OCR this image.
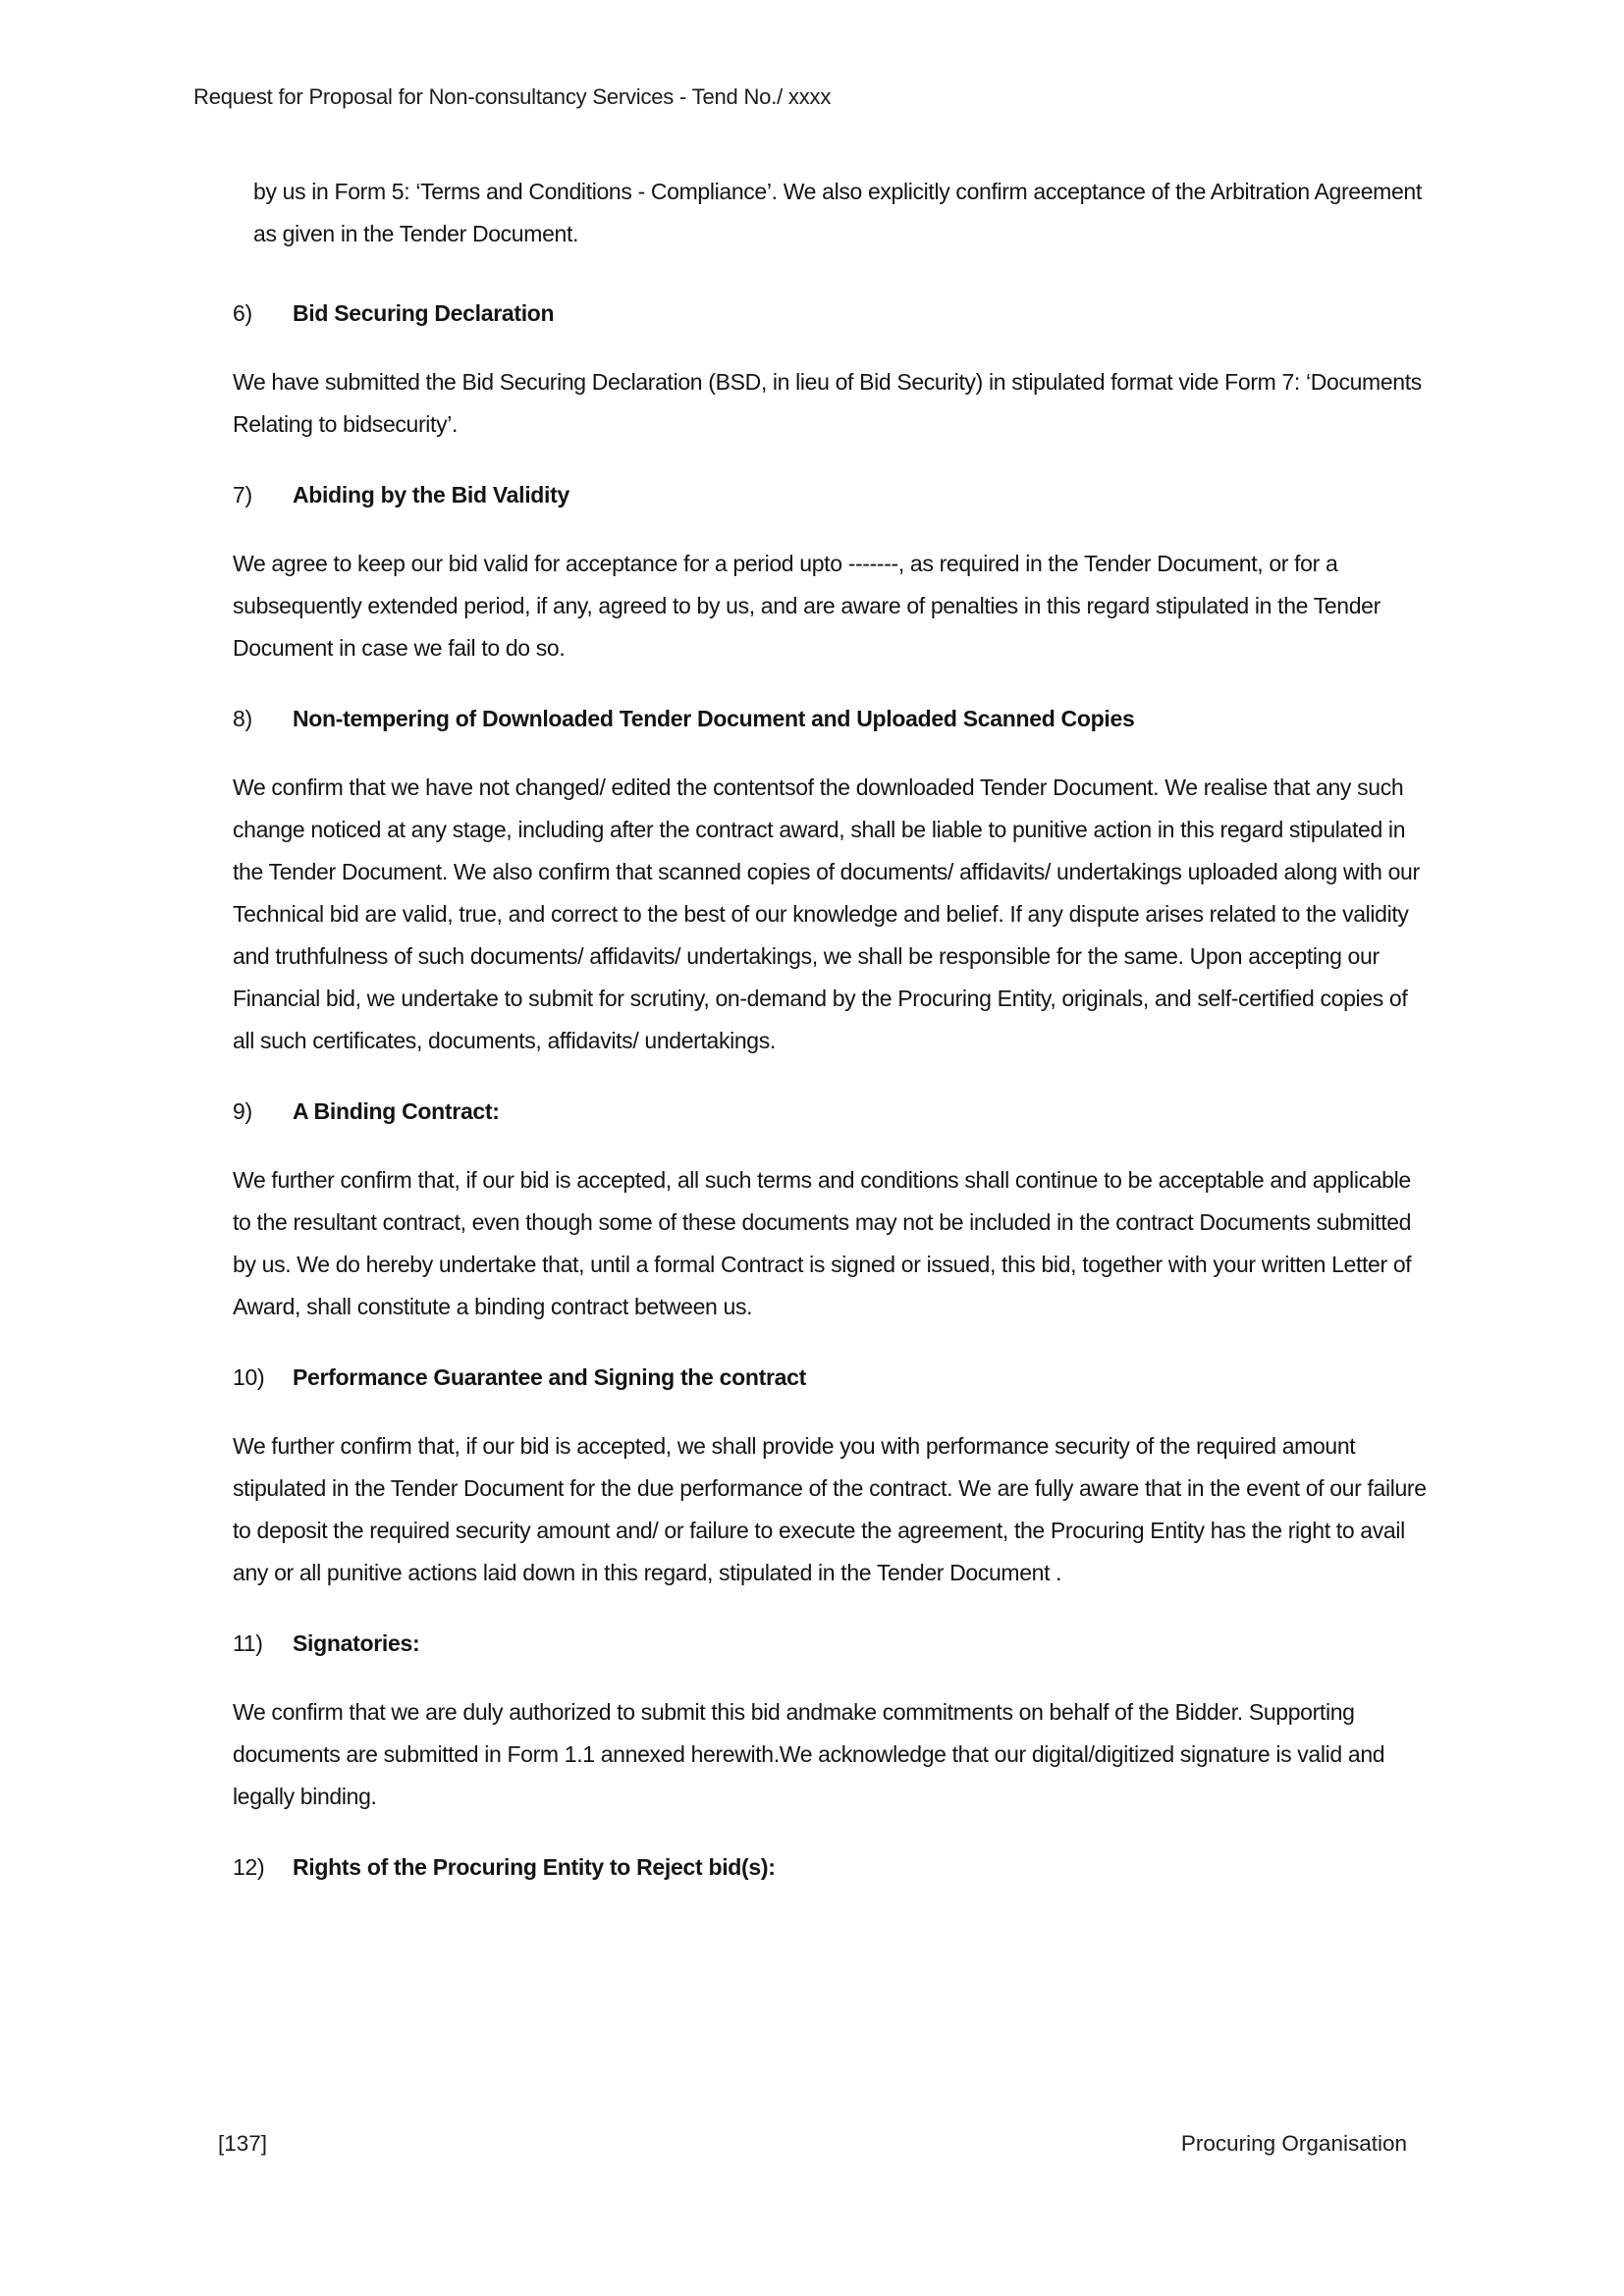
Request for Proposal for Non-consultancy Services - Tend No./ xxxx

by us in Form 5: ‘Terms and Conditions - Compliance’. We also explicitly confirm acceptance of the Arbitration Agreement as given in the Tender Document.

6)	Bid Securing Declaration

We have submitted the Bid Securing Declaration (BSD, in lieu of Bid Security) in stipulated format vide Form 7: ‘Documents Relating to bidsecurity’.

7)	Abiding by the Bid Validity

We agree to keep our bid valid for acceptance for a period upto -------, as required in the Tender Document, or for a subsequently extended period, if any, agreed to by us, and are aware of penalties in this regard stipulated in the Tender Document in case we fail to do so.

8)	Non-tempering of Downloaded Tender Document and Uploaded Scanned Copies

We confirm that we have not changed/ edited the contentsof the downloaded Tender Document. We realise that any such change noticed at any stage, including after the contract award, shall be liable to punitive action in this regard stipulated in the Tender Document. We also confirm that scanned copies of documents/ affidavits/ undertakings uploaded along with our Technical bid are valid, true, and correct to the best of our knowledge and belief. If any dispute arises related to the validity and truthfulness of such documents/ affidavits/ undertakings, we shall be responsible for the same. Upon accepting our Financial bid, we undertake to submit for scrutiny, on-demand by the Procuring Entity, originals, and self-certified copies of all such certificates, documents, affidavits/ undertakings.

9)	A Binding Contract:

We further confirm that, if our bid is accepted, all such terms and conditions shall continue to be acceptable and applicable to the resultant contract, even though some of these documents may not be included in the contract Documents submitted by us. We do hereby undertake that, until a formal Contract is signed or issued, this bid, together with your written Letter of Award, shall constitute a binding contract between us.

10)	Performance Guarantee and Signing the contract

We further confirm that, if our bid is accepted, we shall provide you with performance security of the required amount stipulated in the Tender Document for the due performance of the contract. We are fully aware that in the event of our failure to deposit the required security amount and/ or failure to execute the agreement, the Procuring Entity has the right to avail any or all punitive actions laid down in this regard, stipulated in the Tender Document .

11)	Signatories:

We confirm that we are duly authorized to submit this bid andmake commitments on behalf of the Bidder. Supporting documents are submitted in Form 1.1 annexed herewith.We acknowledge that our digital/digitized signature is valid and legally binding.

12)	Rights of the Procuring Entity to Reject bid(s):
[137]	Procuring Organisation
